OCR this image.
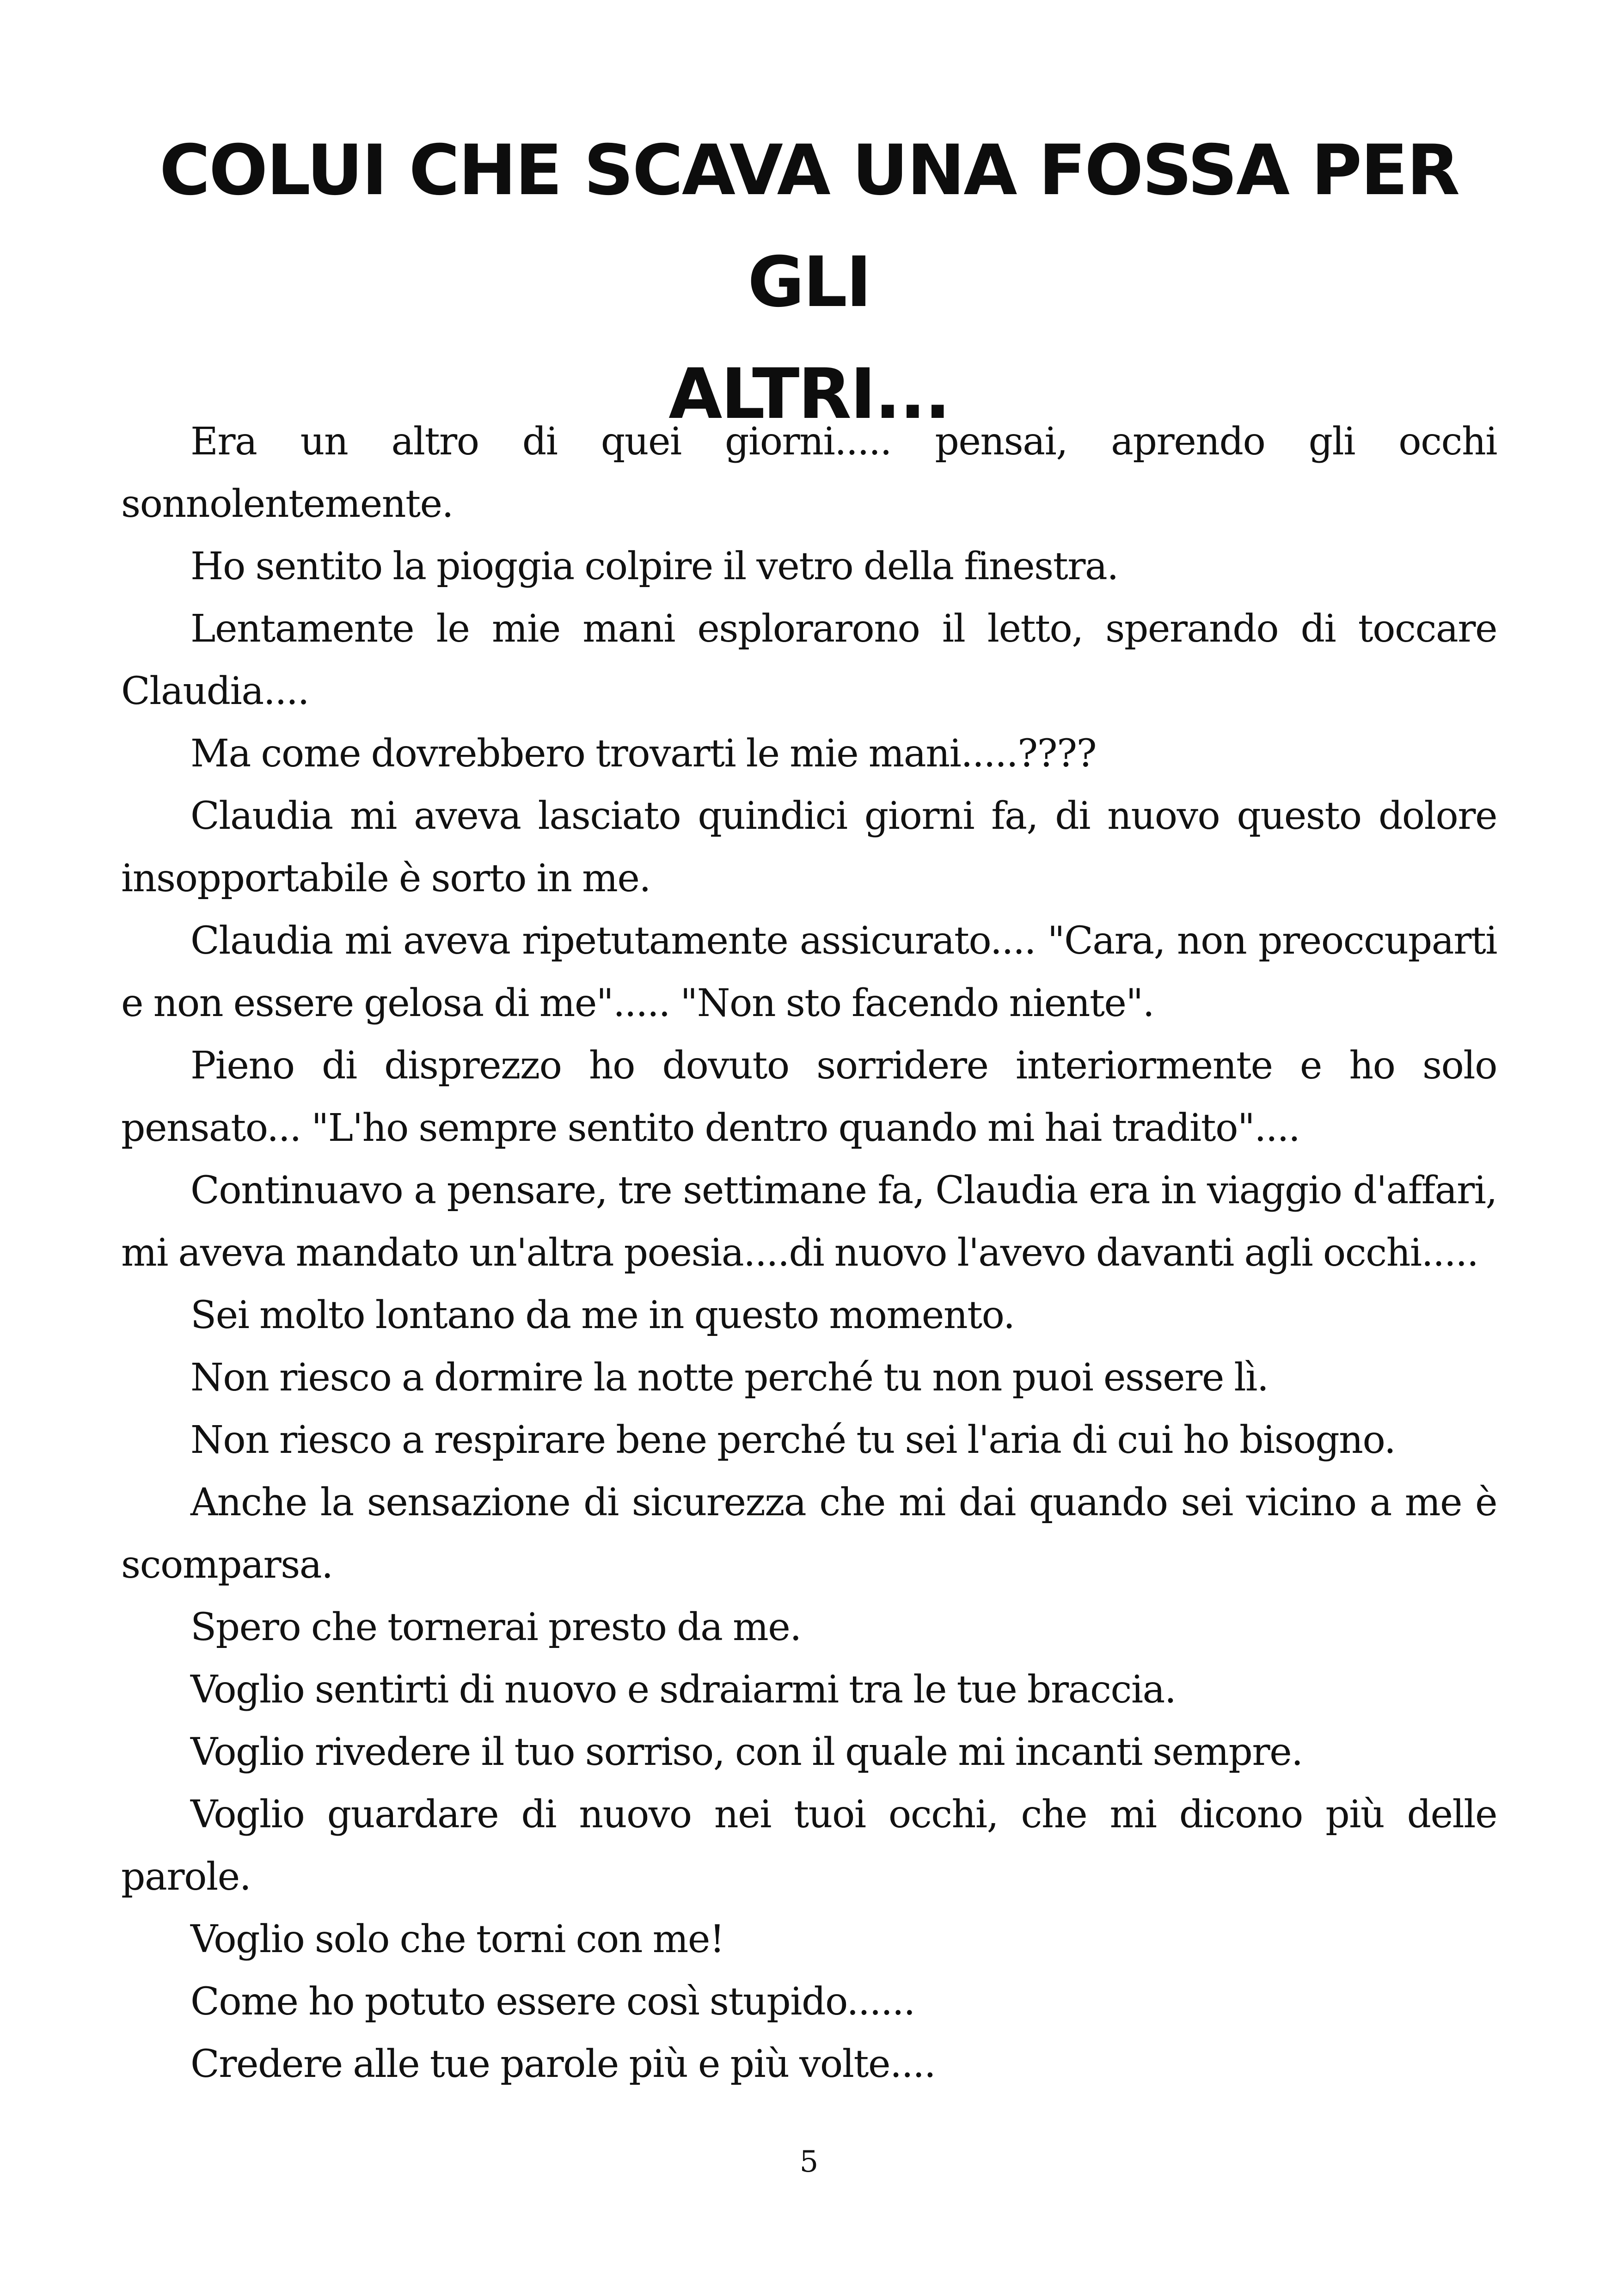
COLUI CHE SCAVA UNA FOSSA PER GLI
ALTRI...

Era un altro di quei giorni..... pensai, aprendo gli occhi sonnolentemente.

Ho sentito la pioggia colpire il vetro della finestra.

Lentamente le mie mani esplorarono il letto, sperando di toccare Claudia....

Ma come dovrebbero trovarti le mie mani.....????

Claudia mi aveva lasciato quindici giorni fa, di nuovo questo dolore insopportabile è sorto in me.

Claudia mi aveva ripetutamente assicurato.... "Cara, non preoccuparti e non essere gelosa di me"..... "Non sto facendo niente".

Pieno di disprezzo ho dovuto sorridere interiormente e ho solo pensato... "L'ho sempre sentito dentro quando mi hai tradito"....

Continuavo a pensare, tre settimane fa, Claudia era in viaggio d'affari, mi aveva mandato un'altra poesia....di nuovo l'avevo davanti agli occhi.....

Sei molto lontano da me in questo momento.

Non riesco a dormire la notte perché tu non puoi essere lì.

Non riesco a respirare bene perché tu sei l'aria di cui ho bisogno.

Anche la sensazione di sicurezza che mi dai quando sei vicino a me è scomparsa.

Spero che tornerai presto da me.

Voglio sentirti di nuovo e sdraiarmi tra le tue braccia.

Voglio rivedere il tuo sorriso, con il quale mi incanti sempre.

Voglio guardare di nuovo nei tuoi occhi, che mi dicono più delle parole.

Voglio solo che torni con me!

Come ho potuto essere così stupido......

Credere alle tue parole più e più volte....

5
